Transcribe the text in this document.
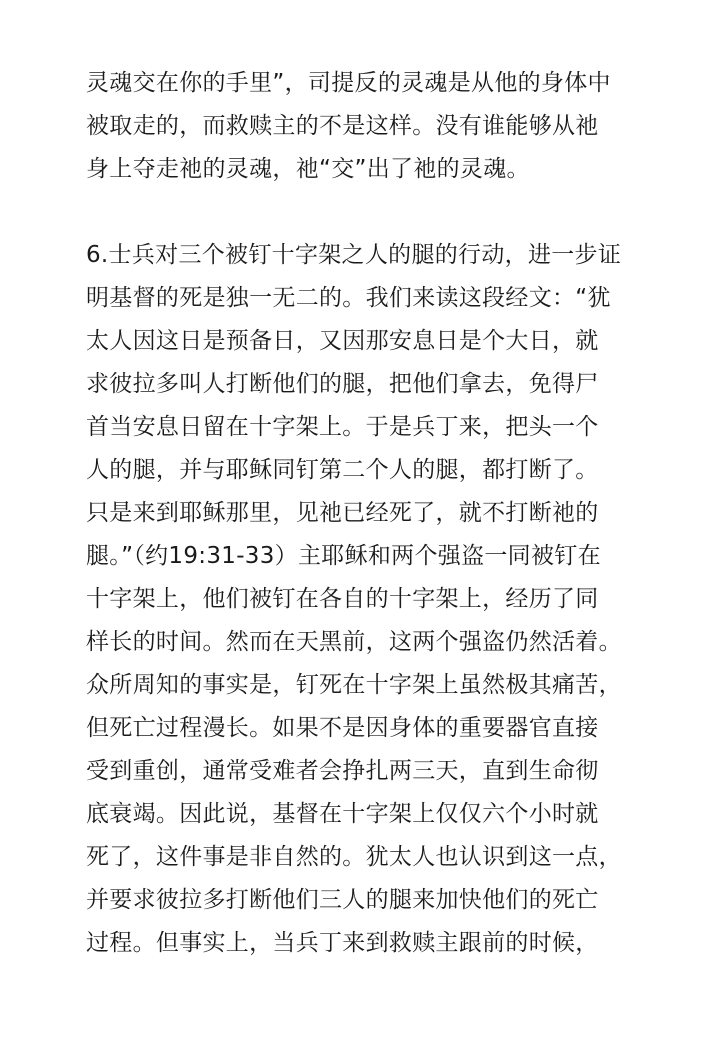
灵魂交在你的手里”，司提反的灵魂是从他的身体中
被取走的，而救赎主的不是这样。没有谁能够从祂
身上夺走祂的灵魂，祂“交”出了祂的灵魂。
6.士兵对三个被钉十字架之人的腿的行动，进一步证
明基督的死是独一无二的。我们来读这段经文：“犹
太人因这日是预备日，又因那安息日是个大日，就
求彼拉多叫人打断他们的腿，把他们拿去，免得尸
首当安息日留在十字架上。于是兵丁来，把头一个
人的腿，并与耶稣同钉第二个人的腿，都打断了。
只是来到耶稣那里，见祂已经死了，就不打断祂的
腿。”（约19:31-33）主耶稣和两个强盗一同被钉在
十字架上，他们被钉在各自的十字架上，经历了同
样长的时间。然而在天黑前，这两个强盗仍然活着。
众所周知的事实是，钉死在十字架上虽然极其痛苦，
但死亡过程漫长。如果不是因身体的重要器官直接
受到重创，通常受难者会挣扎两三天，直到生命彻
底衰竭。因此说，基督在十字架上仅仅六个小时就
死了，这件事是非自然的。犹太人也认识到这一点，
并要求彼拉多打断他们三人的腿来加快他们的死亡
过程。但事实上，当兵丁来到救赎主跟前的时候，
